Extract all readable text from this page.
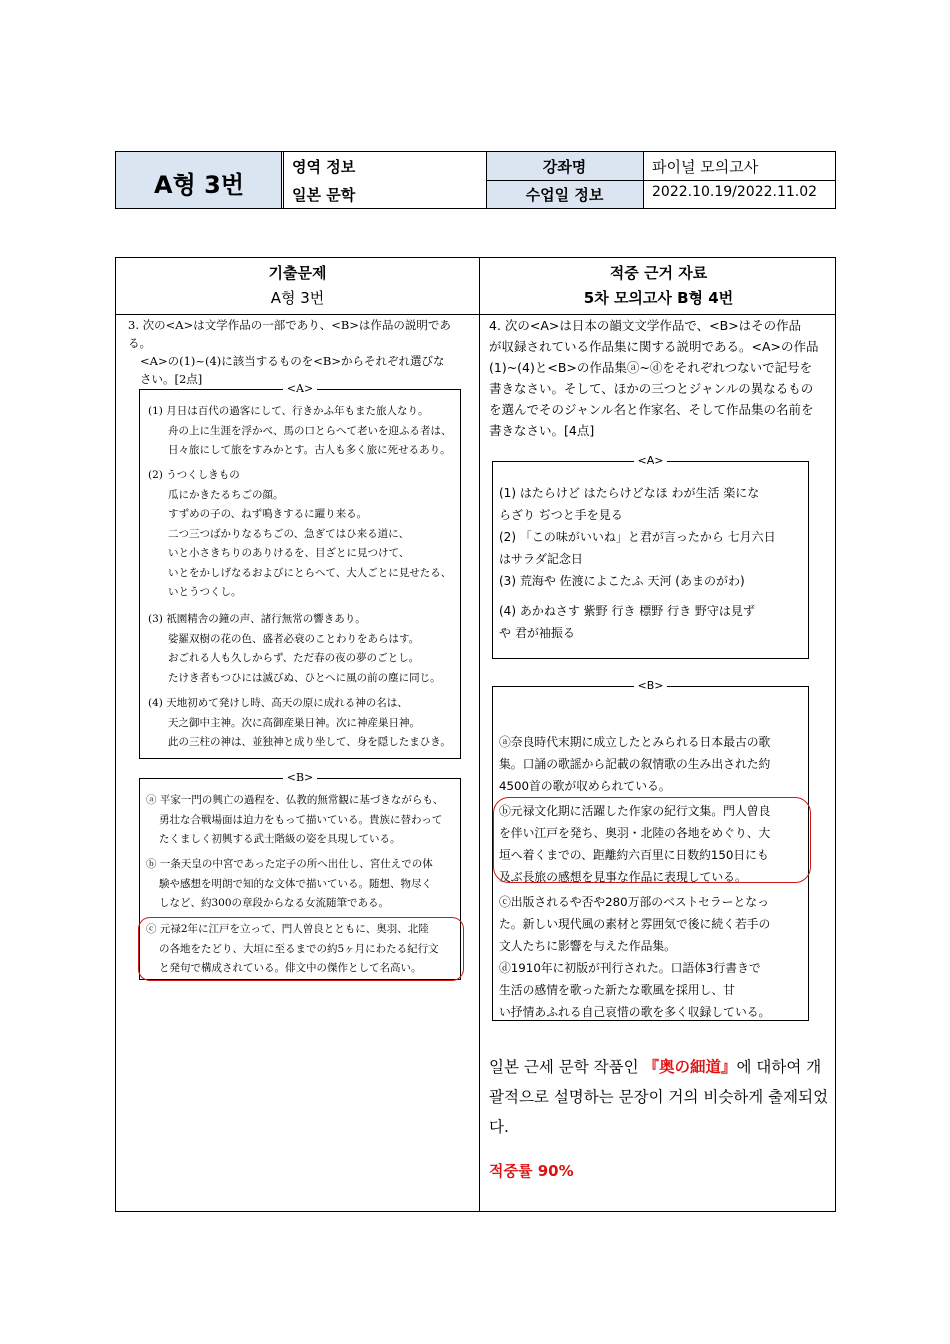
A형 3번
영역 정보
일본 문학
강좌명
수업일 정보
파이널 모의고사
2022.10.19/2022.11.02
기출문제
A형 3번
적중 근거 자료
5차 모의고사 B형 4번
3. 次の<A>は文学作品の一部であり、<B>は作品の説明である。
<A>の(1)~(4)に該当するものを<B>からそれぞれ選びな
さい。[2点]
<A>
(1) 月日は百代の過客にして、行きかふ年もまた旅人なり。
舟の上に生涯を浮かべ、馬の口とらへて老いを迎ふる者は、
日々旅にして旅をすみかとす。古人も多く旅に死せるあり。
(2) うつくしきもの
瓜にかきたるちごの顔。
すずめの子の、ねず鳴きするに躍り来る。
二つ三つばかりなるちごの、急ぎてはひ来る道に、
いと小さきちりのありけるを、目ざとに見つけて、
いとをかしげなるおよびにとらへて、大人ごとに見せたる、
いとうつくし。
(3) 祇園精舎の鐘の声、諸行無常の響きあり。
娑羅双樹の花の色、盛者必衰のことわりをあらはす。
おごれる人も久しからず、ただ春の夜の夢のごとし。
たけき者もつひには滅びぬ、ひとへに風の前の塵に同じ。
(4) 天地初めて発けし時、高天の原に成れる神の名は、
天之御中主神。次に高御産巣日神。次に神産巣日神。
此の三柱の神は、並独神と成り坐して、身を隠したまひき。
<B>
ⓐ 平家一門の興亡の過程を、仏教的無常観に基づきながらも、
勇壮な合戦場面は迫力をもって描いている。貴族に替わって
たくましく初興する武士階級の姿を具現している。
ⓑ 一条天皇の中宮であった定子の所へ出仕し、宮仕えでの体
験や感想を明朗で知的な文体で描いている。随想、物尽く
しなど、約300の章段からなる女流随筆である。
ⓒ 元禄2年に江戸を立って、門人曽良とともに、奥羽、北陸
の各地をたどり、大垣に至るまでの約5ヶ月にわたる紀行文
と発句で構成されている。俳文中の傑作として名高い。
4. 次の<A>は日本の韻文文学作品で、<B>はその作品
が収録されている作品集に関する説明である。<A>の作品
(1)~(4)と<B>の作品集ⓐ~ⓓをそれぞれつないで記号を
書きなさい。そして、ほかの三つとジャンルの異なるもの
を選んでそのジャンル名と作家名、そして作品集の名前を
書きなさい。[4点]
<A>
(1) はたらけど はたらけどなほ わが生活 楽にな
らざり ぢつと手を見る
(2) 「この味がいいね」と君が言ったから 七月六日
はサラダ記念日
(3) 荒海や 佐渡によこたふ 天河 (あまのがわ)
(4) あかねさす 紫野 行き 標野 行き 野守は見ず
や 君が袖振る
<B>
ⓐ奈良時代末期に成立したとみられる日本最古の歌
集。口誦の歌謡から記載の叙情歌の生み出された約
4500首の歌が収められている。
ⓑ元禄文化期に活躍した作家の紀行文集。門人曽良
を伴い江戸を発ち、奥羽・北陸の各地をめぐり、大
垣へ着くまでの、距離約六百里に日数約150日にも
及ぶ長旅の感想を見事な作品に表現している。
ⓒ出版されるや否や280万部のベストセラーとなっ
た。新しい現代風の素材と雰囲気で後に続く若手の
文人たちに影響を与えた作品集。
ⓓ1910年に初版が刊行された。口語体3行書きで
生活の感情を歌った新たな歌風を採用し、甘
い抒情あふれる自己哀惜の歌を多く収録している。
일본 근세 문학 작품인 『奥の細道』에 대하여 개괄적으로 설명하는 문장이 거의 비슷하게 출제되었다.
적중률 90%
